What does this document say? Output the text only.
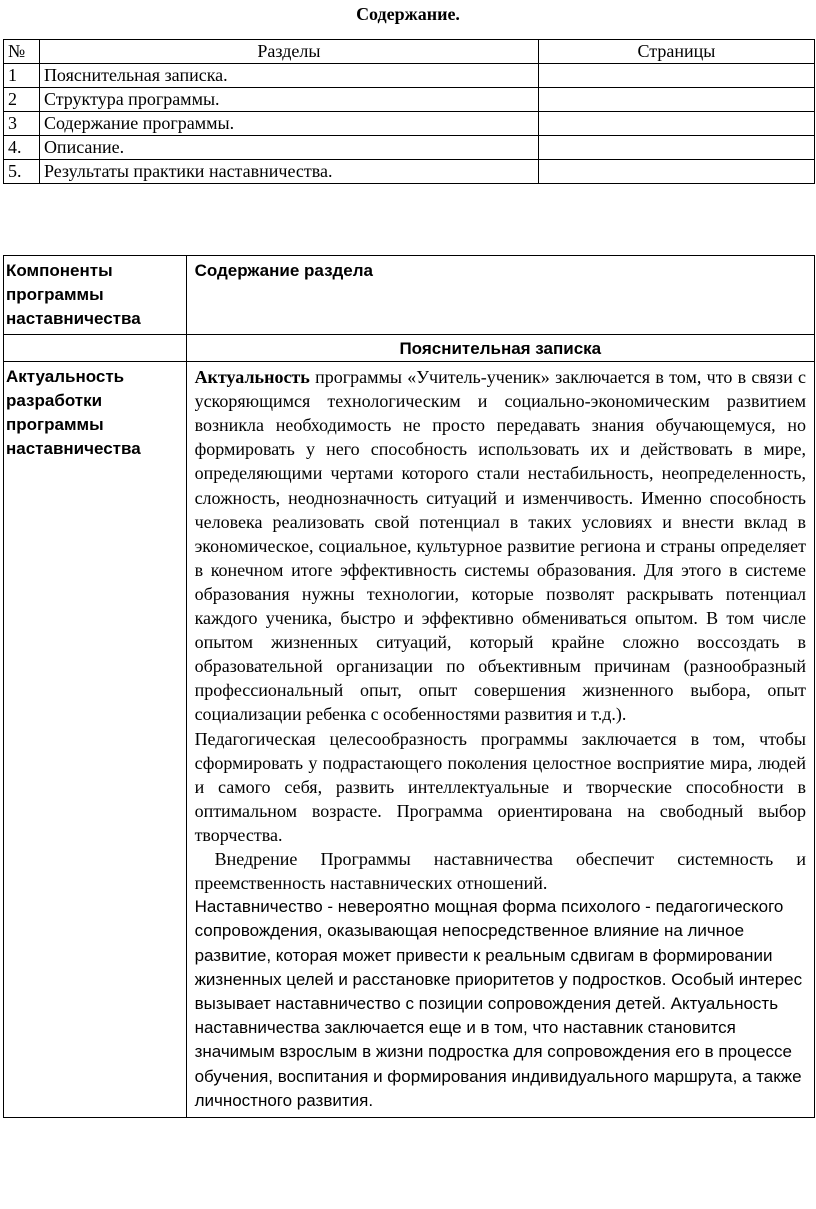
Содержание.
№	Разделы	Страницы
1	Пояснительная записка.	
2	Структура программы.	
3	Содержание программы.	
4.	Описание.	
5.	Результаты практики наставничества.	
Компоненты программы наставничества	Содержание раздела
	Пояснительная записка
Актуальность разработки программы наставничества	Актуальность программы «Учитель-ученик» заключается в том, что в связи с ускоряющимся технологическим и социально-экономическим развитием возникла необходимость не просто передавать знания обучающемуся, но формировать у него способность использовать их и действовать в мире, определяющими чертами которого стали нестабильность, неопределенность, сложность, неоднозначность ситуаций и изменчивость. Именно способность человека реализовать свой потенциал в таких условиях и внести вклад в экономическое, социальное, культурное развитие региона и страны определяет в конечном итоге эффективность системы образования. Для этого в системе образования нужны технологии, которые позволят раскрывать потенциал каждого ученика, быстро и эффективно обмениваться опытом. В том числе опытом жизненных ситуаций, который крайне сложно воссоздать в образовательной организации по объективным причинам (разнообразный профессиональный опыт, опыт совершения жизненного выбора, опыт социализации ребенка с особенностями развития и т.д.).

Педагогическая целесообразность программы заключается в том, чтобы сформировать у подрастающего поколения целостное восприятие мира, людей и самого себя, развить интеллектуальные и творческие способности в оптимальном возрасте. Программа ориентирована на свободный выбор творчества.

Внедрение Программы наставничества обеспечит системность и преемственность наставнических отношений.

Наставничество - невероятно мощная форма психолого - педагогического сопровождения, оказывающая непосредственное влияние на личное развитие, которая может привести к реальным сдвигам в формировании жизненных целей и расстановке приоритетов у подростков. Особый интерес вызывает наставничество с позиции сопровождения детей. Актуальность наставничества заключается еще и в том, что наставник становится значимым взрослым в жизни подростка для сопровождения его в процессе обучения, воспитания и формирования индивидуального маршрута, а также личностного развития.
